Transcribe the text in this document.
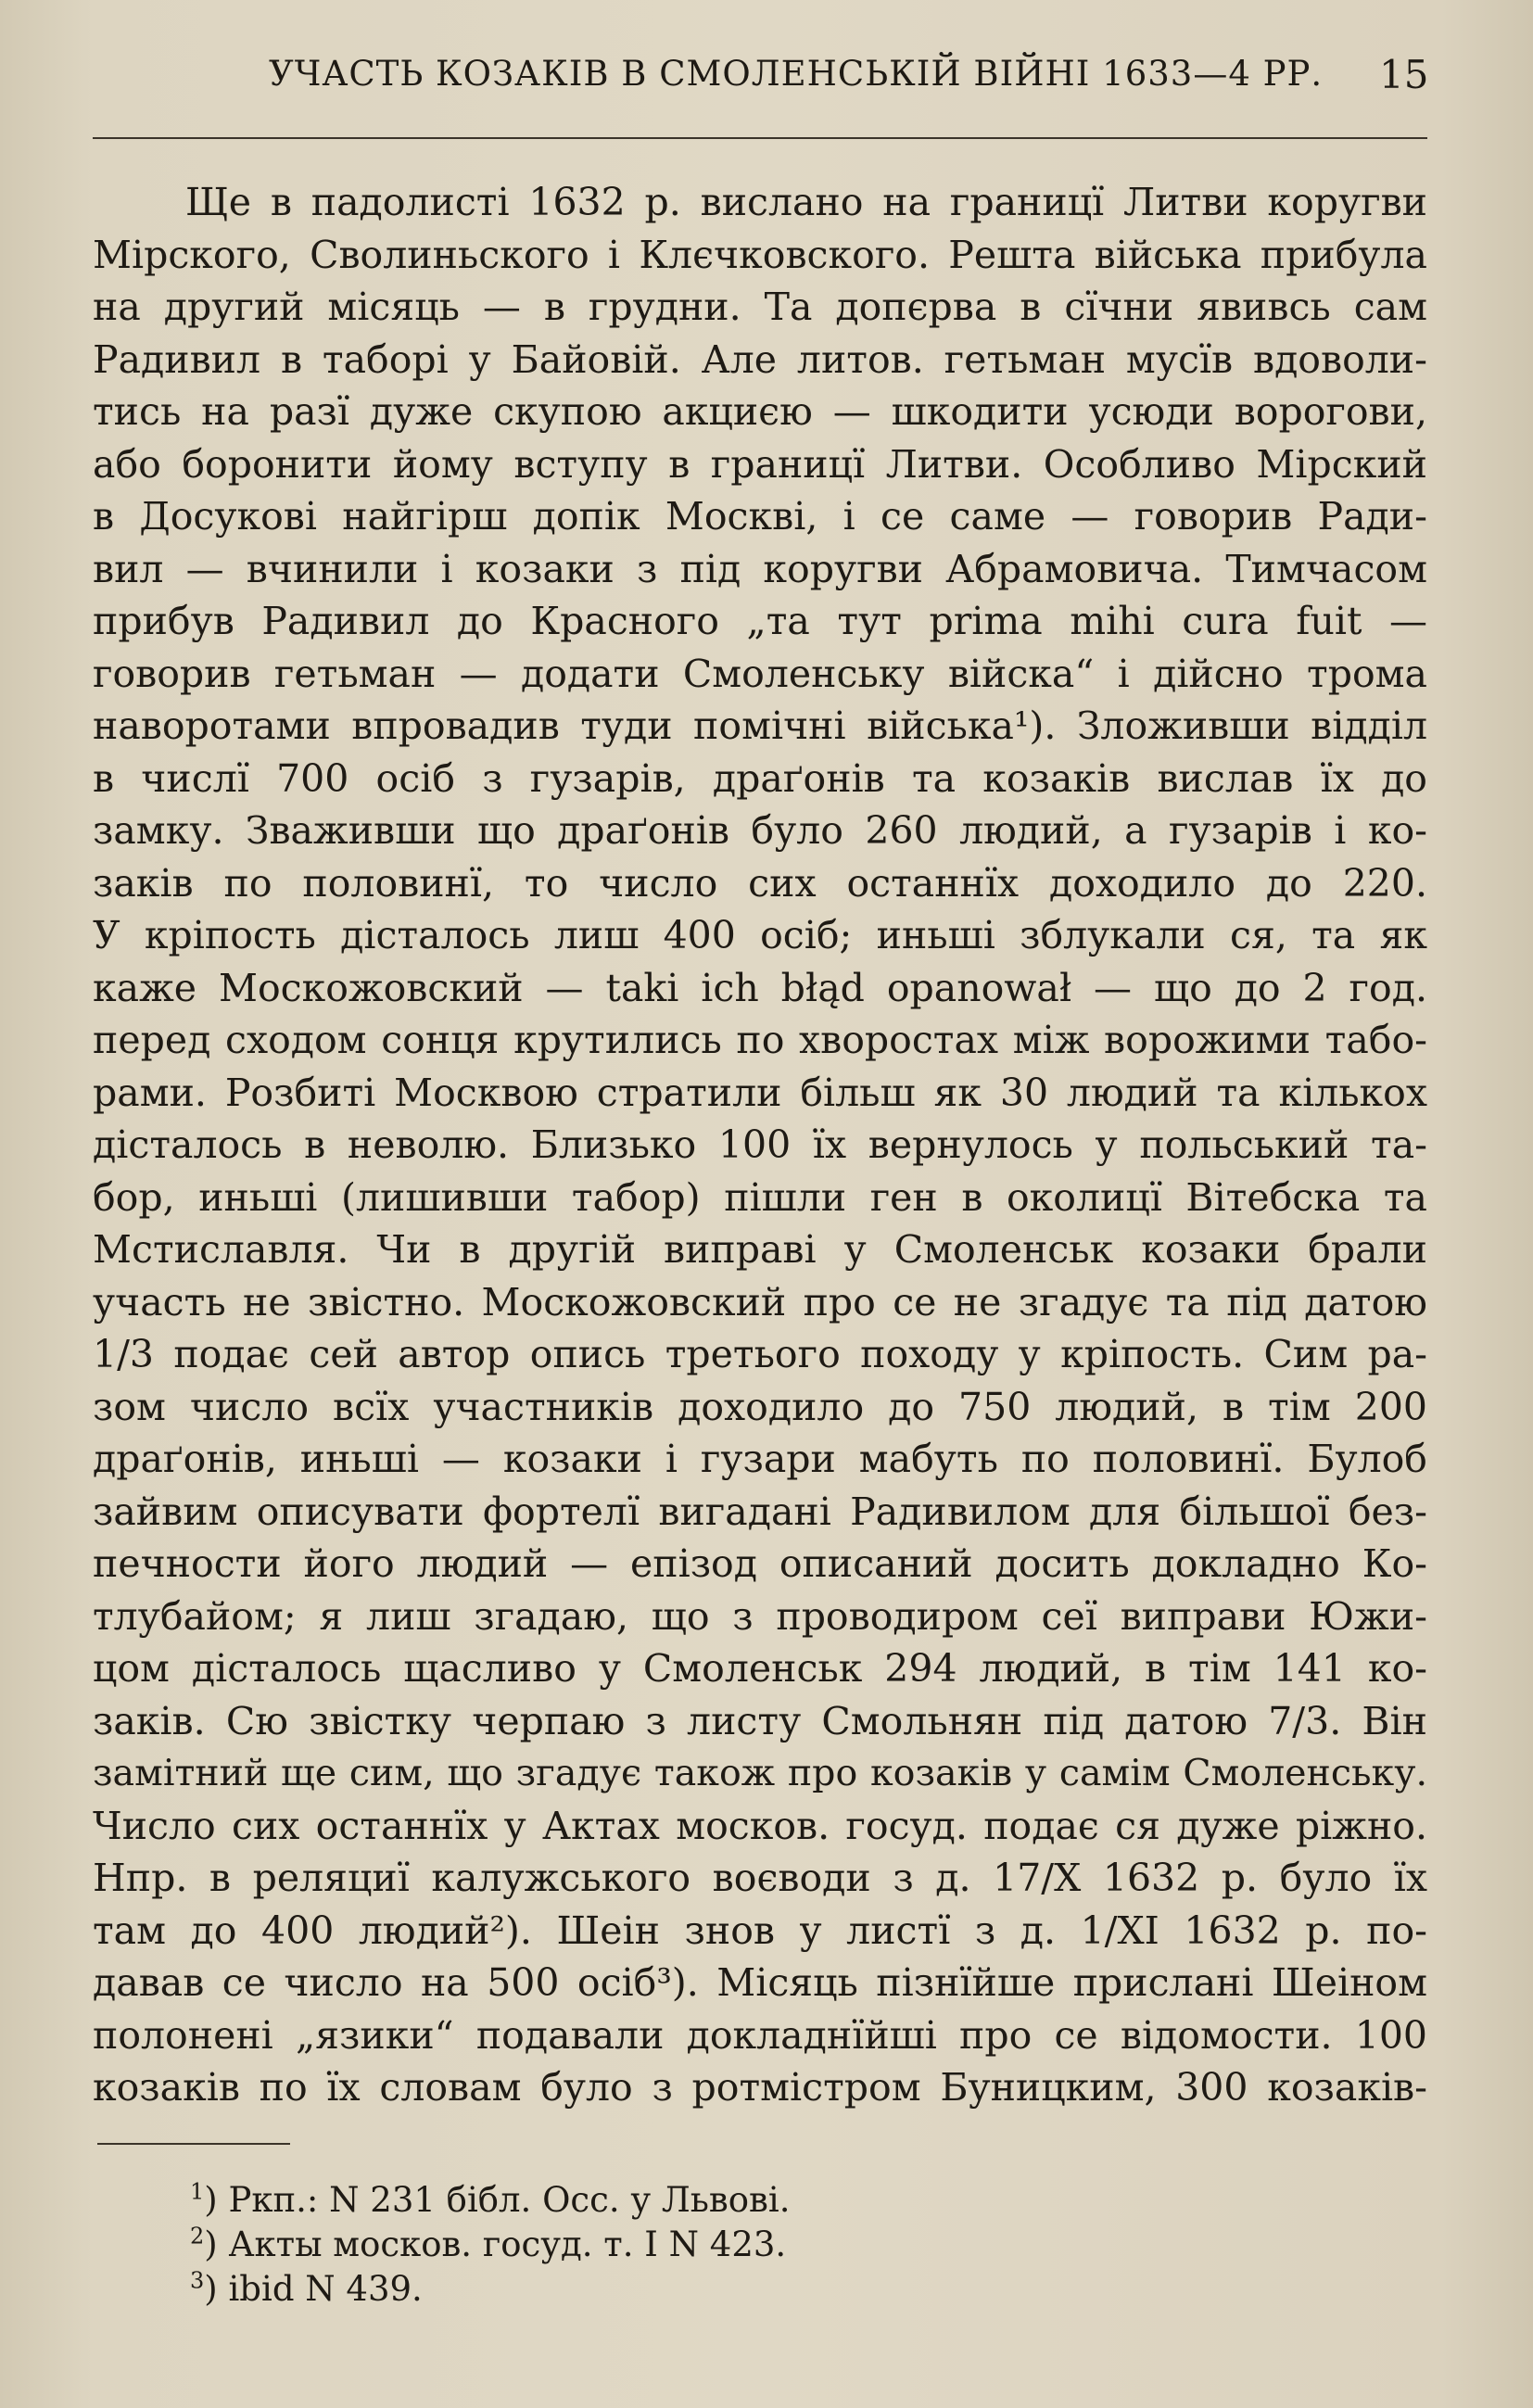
УЧАСТЬ КОЗАКІВ В СМОЛЕНСЬКІЙ ВІЙНІ 1633—4 РР.	15
Ще в падолисті 1632 р. вислано на границї Литви коругви
Мірского, Сволиньского і Клєчковского. Решта війська прибула
на другий місяць — в грудни. Та допєрва в сїчни явивсь сам
Радивил в таборі у Байовій. Але литов. гетьман мусїв вдоволи-
тись на разї дуже скупою акциєю — шкодити усюди ворогови,
або боронити йому вступу в границї Литви. Особливо Мірский
в Досукові найгірш допік Москві, і се саме — говорив Ради-
вил — вчинили і козаки з під коругви Абрамовича. Тимчасом
прибув Радивил до Красного „та тут prima mihi cura fuit —
говорив гетьман — додати Смоленську війска“ і дійсно трома
наворотами впровадив туди помічні війська¹). Зложивши відділ
в числї 700 осіб з гузарів, драґонів та козаків вислав їх до
замку. Зваживши що драґонів було 260 людий, а гузарів і ко-
заків по половинї, то число сих останнїх доходило до 220.
У кріпость дісталось лиш 400 осіб; иньші зблукали ся, та як
каже Москожовский — taki ich błąd opanował — що до 2 год.
перед сходом сонця крутились по хворостах між ворожими табо-
рами. Розбиті Москвою стратили більш як 30 людий та кількох
дісталось в неволю. Близько 100 їх вернулось у польський та-
бор, иньші (лишивши табор) пішли ген в околицї Вітебска та
Мстиславля. Чи в другій виправі у Смоленськ козаки брали
участь не звістно. Москожовский про се не згадує та під датою
1/3 подає сей автор опись третього походу у кріпость. Сим ра-
зом число всїх участників доходило до 750 людий, в тім 200
драґонів, иньші — козаки і гузари мабуть по половинї. Булоб
зайвим описувати фортелї вигадані Радивилом для більшої без-
печности його людий — епізод описаний досить докладно Ко-
тлубайом; я лиш згадаю, що з проводиром сеї виправи Южи-
цом дісталось щасливо у Смоленськ 294 людий, в тім 141 ко-
заків. Сю звістку черпаю з листу Смольнян під датою 7/3. Він
замітний ще сим, що згадує також про козаків у самім Смоленську.
Число сих останнїх у Актах москов. госуд. подає ся дуже ріжно.
Нпр. в реляциї калужського воєводи з д. 17/X 1632 р. було їх
там до 400 людий²). Шеін знов у листї з д. 1/XI 1632 р. по-
давав се число на 500 осіб³). Місяць пізнїйше прислані Шеіном
полонені „язики“ подавали докладнїйші про се відомости. 100
козаків по їх словам було з ротмістром Буницким, 300 козаків-
$^1$) Ркп.: N 231 бібл. Осс. у Львові.
$^2$) Акты москов. госуд. т. I N 423.
$^3$) ibid N 439.
